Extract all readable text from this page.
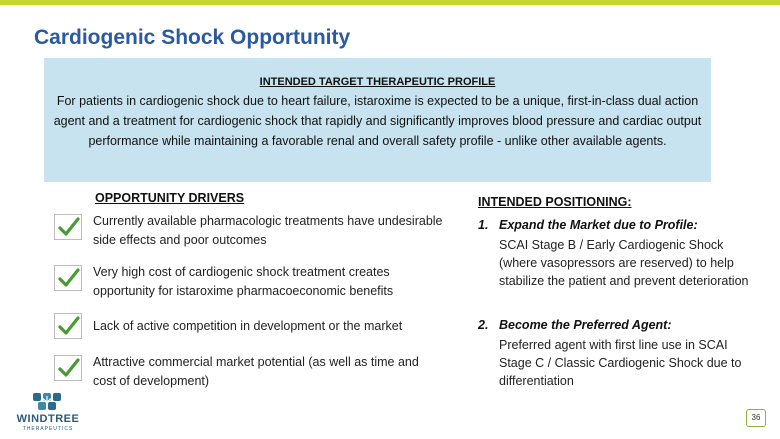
Cardiogenic Shock Opportunity
INTENDED TARGET THERAPEUTIC PROFILE
For patients in cardiogenic shock due to heart failure, istaroxime is expected to be a unique, first-in-class dual action agent and a treatment for cardiogenic shock that rapidly and significantly improves blood pressure and cardiac output performance while maintaining a favorable renal and overall safety profile - unlike other available agents.
OPPORTUNITY DRIVERS
Currently available pharmacologic treatments have undesirable side effects and poor outcomes
Very high cost of cardiogenic shock treatment creates opportunity for istaroxime pharmacoeconomic benefits
Lack of active competition in development or the market
Attractive commercial market potential (as well as time and cost of development)
INTENDED POSITIONING:
1. Expand the Market due to Profile:
SCAI Stage B / Early Cardiogenic Shock (where vasopressors are reserved) to help stabilize the patient and prevent deterioration
2. Become the Preferred Agent:
Preferred agent with first line use in SCAI Stage C / Classic Cardiogenic Shock due to differentiation
WINDTREE
THERAPEUTICS
36
